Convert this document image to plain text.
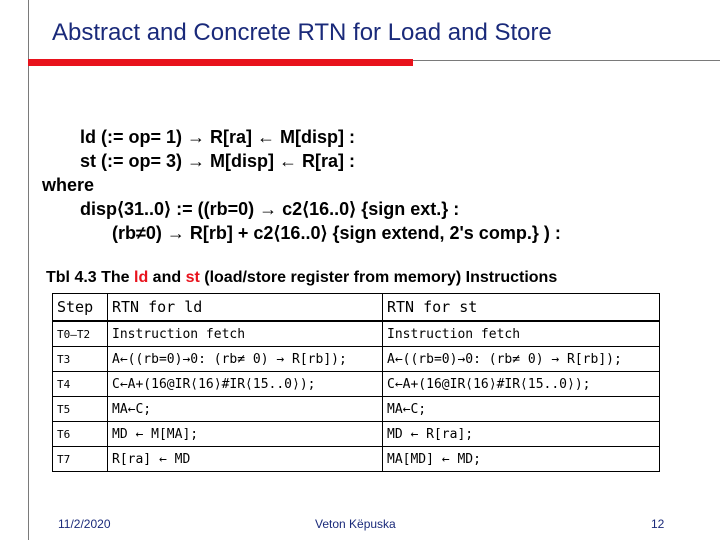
Abstract and Concrete RTN for Load and Store
ld (:= op= 1) → R[ra] ← M[disp] :
st (:= op= 3) → M[disp] ← R[ra] :
where
disp⟨31..0⟩ := ((rb=0) → c2⟨16..0⟩ {sign ext.} :
(rb≠0) → R[rb] + c2⟨16..0⟩ {sign extend, 2's comp.} ) :
Tbl 4.3 The ld and st (load/store register from memory) Instructions
Step	RTN for ld	RTN for st
T0–T2	Instruction fetch	Instruction fetch
T3	A←((rb=0)→0: (rb≠ 0) → R[rb]);	A←((rb=0)→0: (rb≠ 0) → R[rb]);
T4	C←A+(16@IR⟨16⟩#IR⟨15..0⟩);	C←A+(16@IR⟨16⟩#IR⟨15..0⟩);
T5	MA←C;	MA←C;
T6	MD ← M[MA];	MD ← R[ra];
T7	R[ra] ← MD	MA[MD] ← MD;
11/2/2020	Veton Këpuska	12
